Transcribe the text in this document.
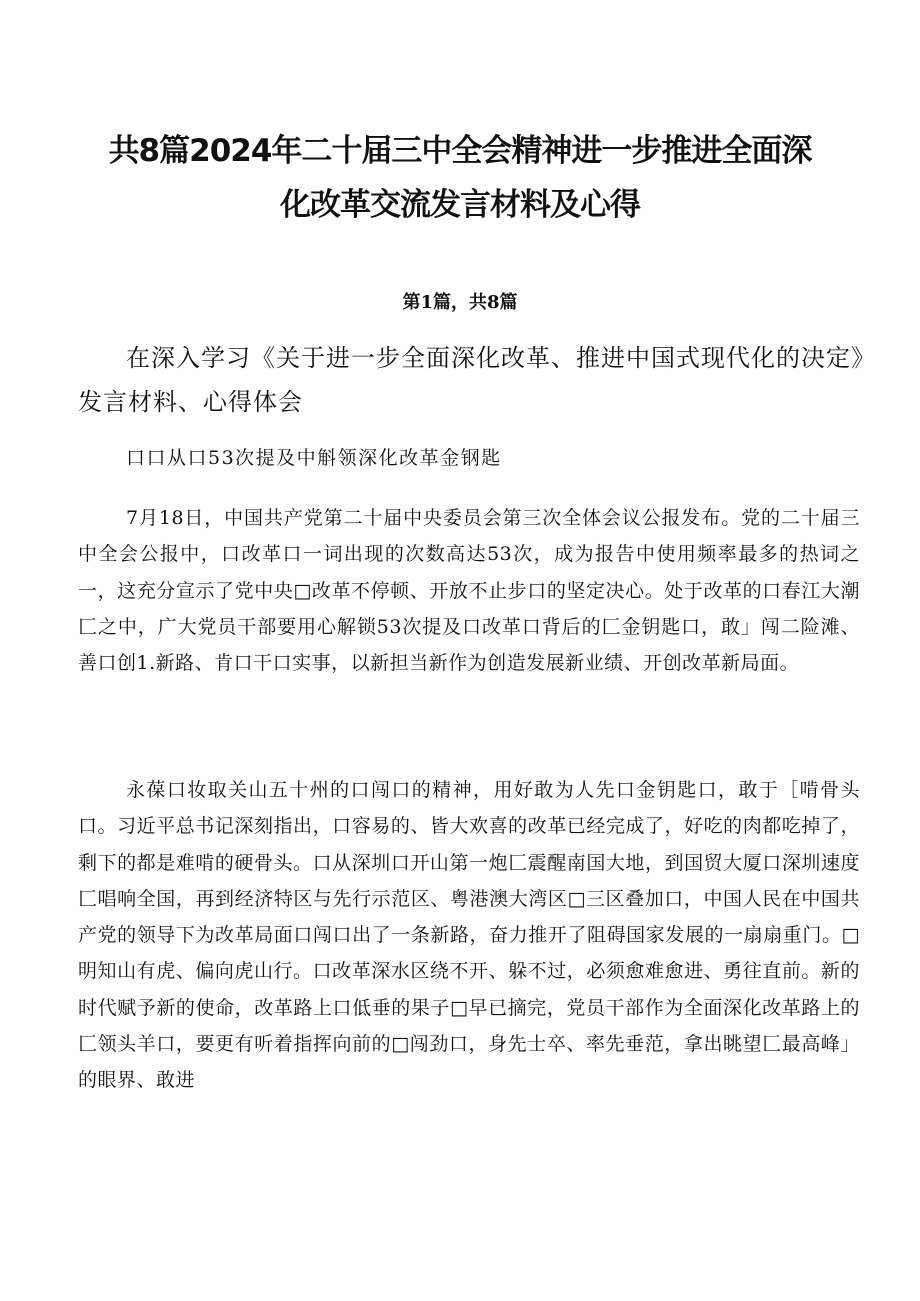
共8篇2024年二十届三中全会精神进一步推进全面深化改革交流发言材料及心得
第1篇，共8篇
在深入学习《关于进一步全面深化改革、推进中国式现代化的决定》发言材料、心得体会

口口从口53次提及中斛领深化改革金钢匙

7月18日，中国共产党第二十届中央委员会第三次全体会议公报发布。党的二十届三中全会公报中，口改革口一词出现的次数高达53次，成为报告中使用频率最多的热词之一，这充分宣示了党中央□改革不停顿、开放不止步口的坚定决心。处于改革的口春江大潮匚之中，广大党员干部要用心解锁53次提及口改革口背后的匚金钥匙口，敢」闯二险滩、善口创1.新路、肯口干口实事，以新担当新作为创造发展新业绩、开创改革新局面。

永葆口妆取关山五十州的口闯口的精神，用好敢为人先口金钥匙口，敢于［啃骨头口。习近平总书记深刻指出，口容易的、皆大欢喜的改革已经完成了，好吃的肉都吃掉了，剩下的都是难啃的硬骨头。口从深圳口开山第一炮匚震醒南国大地，到国贸大厦口深圳速度匚唱响全国，再到经济特区与先行示范区、粤港澳大湾区□三区叠加口，中国人民在中国共产党的领导下为改革局面口闯口出了一条新路，奋力推开了阻碍国家发展的一扇扇重门。□明知山有虎、偏向虎山行。口改革深水区绕不开、躲不过，必须愈难愈进、勇往直前。新的时代赋予新的使命，改革路上口低垂的果子□早已摘完，党员干部作为全面深化改革路上的匚领头羊口，要更有听着指挥向前的□闯劲口，身先士卒、率先垂范，拿出眺望匚最高峰」的眼界、敢进
